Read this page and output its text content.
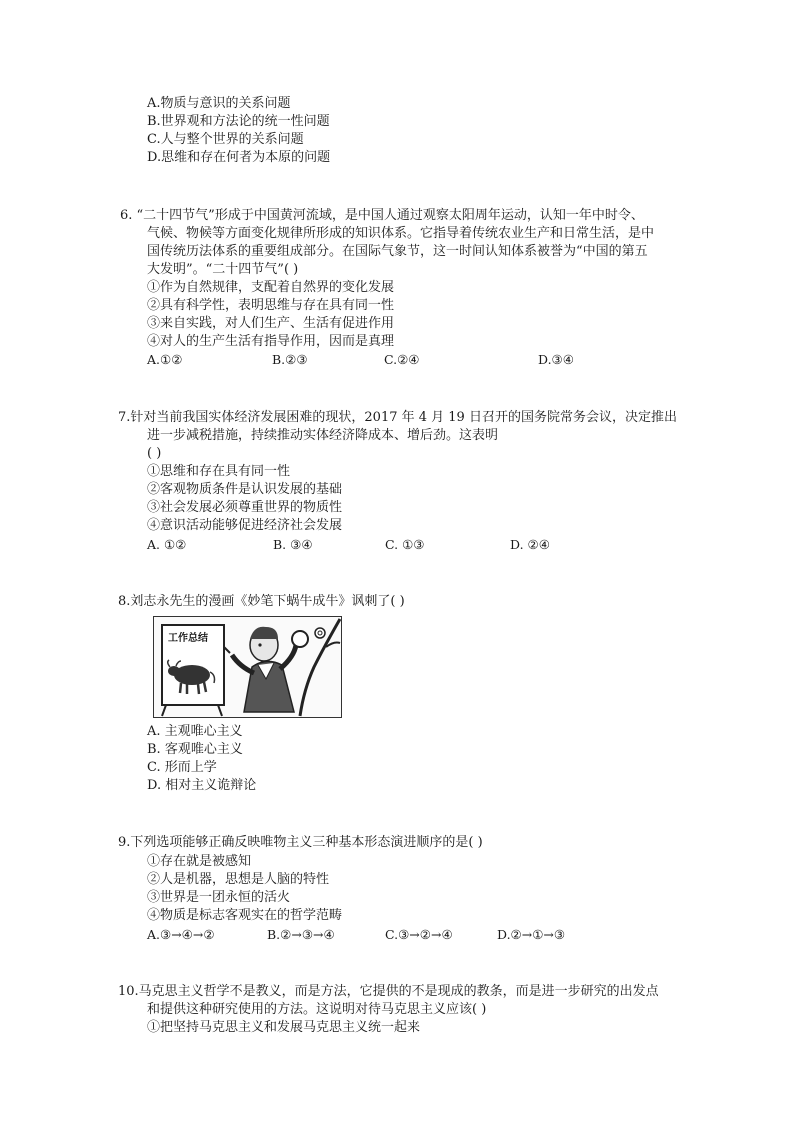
A.物质与意识的关系问题
B.世界观和方法论的统一性问题
C.人与整个世界的关系问题
D.思维和存在何者为本原的问题
6. “二十四节气”形成于中国黄河流域，是中国人通过观察太阳周年运动，认知一年中时令、
气候、物候等方面变化规律所形成的知识体系。它指导着传统农业生产和日常生活，是中
国传统历法体系的重要组成部分。在国际气象节，这一时间认知体系被誉为“中国的第五
大发明”。“二十四节气”( )
①作为自然规律，支配着自然界的变化发展
②具有科学性，表明思维与存在具有同一性
③来自实践，对人们生产、生活有促进作用
④对人的生产生活有指导作用，因而是真理
A.①②	B.②③	C.②④	D.③④
7.针对当前我国实体经济发展困难的现状，2017 年 4 月 19 日召开的国务院常务会议，决定推出
进一步减税措施，持续推动实体经济降成本、增后劲。这表明
( )
①思维和存在具有同一性
②客观物质条件是认识发展的基础
③社会发展必须尊重世界的物质性
④意识活动能够促进经济社会发展
A. ①②	B. ③④	C. ①③	D. ②④
8.刘志永先生的漫画《妙笔下蜗牛成牛》讽刺了( )
工作总结
A. 主观唯心主义
B. 客观唯心主义
C. 形而上学
D. 相对主义诡辩论
9.下列选项能够正确反映唯物主义三种基本形态演进顺序的是( )
①存在就是被感知
②人是机器，思想是人脑的特性
③世界是一团永恒的活火
④物质是标志客观实在的哲学范畴
A.③→④→②	B.②→③→④	C.③→②→④	D.②→①→③
10.马克思主义哲学不是教义，而是方法，它提供的不是现成的教条，而是进一步研究的出发点
和提供这种研究使用的方法。这说明对待马克思主义应该( )
①把坚持马克思主义和发展马克思主义统一起来
